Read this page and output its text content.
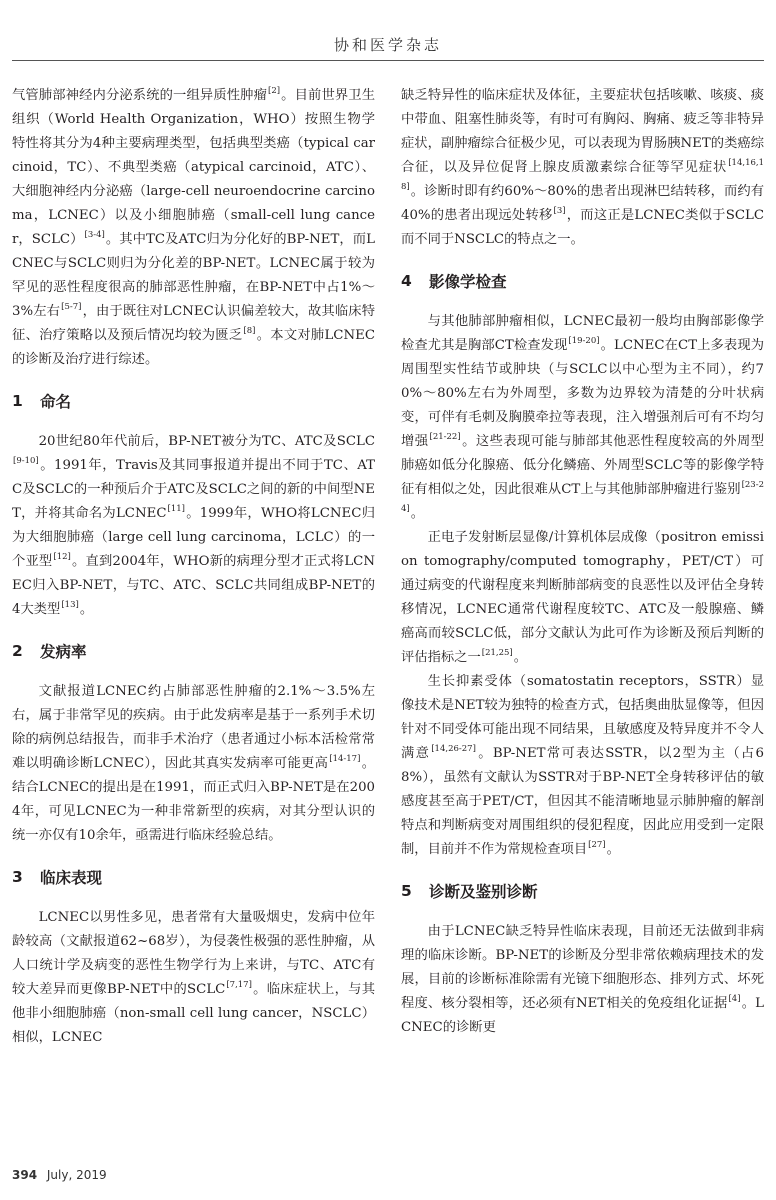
协和医学杂志

气管肺部神经内分泌系统的一组异质性肿瘤[2]。目前世界卫生组织（World Health Organization，WHO）按照生物学特性将其分为4种主要病理类型，包括典型类癌（typical carcinoid，TC）、不典型类癌（atypical carcinoid，ATC）、大细胞神经内分泌癌（large-cell neuroendocrine carcinoma，LCNEC）以及小细胞肺癌（small-cell lung cancer，SCLC）[3-4]。其中TC及ATC归为分化好的BP-NET，而LCNEC与SCLC则归为分化差的BP-NET。LCNEC属于较为罕见的恶性程度很高的肺部恶性肿瘤，在BP-NET中占1%～3%左右[5-7]，由于既往对LCNEC认识偏差较大，故其临床特征、治疗策略以及预后情况均较为匮乏[8]。本文对肺LCNEC的诊断及治疗进行综述。

1	命名

20世纪80年代前后，BP-NET被分为TC、ATC及SCLC[9-10]。1991年，Travis及其同事报道并提出不同于TC、ATC及SCLC的一种预后介于ATC及SCLC之间的新的中间型NET，并将其命名为LCNEC[11]。1999年，WHO将LCNEC归为大细胞肺癌（large cell lung carcinoma，LCLC）的一个亚型[12]。直到2004年，WHO新的病理分型才正式将LCNEC归入BP-NET，与TC、ATC、SCLC共同组成BP-NET的4大类型[13]。

2	发病率

文献报道LCNEC约占肺部恶性肿瘤的2.1%～3.5%左右，属于非常罕见的疾病。由于此发病率是基于一系列手术切除的病例总结报告，而非手术治疗（患者通过小标本活检常常难以明确诊断LCNEC），因此其真实发病率可能更高[14-17]。结合LCNEC的提出是在1991，而正式归入BP-NET是在2004年，可见LCNEC为一种非常新型的疾病，对其分型认识的统一亦仅有10余年，亟需进行临床经验总结。

3	临床表现

LCNEC以男性多见，患者常有大量吸烟史，发病中位年龄较高（文献报道62~68岁），为侵袭性极强的恶性肿瘤，从人口统计学及病变的恶性生物学行为上来讲，与TC、ATC有较大差异而更像BP-NET中的SCLC[7,17]。临床症状上，与其他非小细胞肺癌（non-small cell lung cancer，NSCLC）相似，LCNEC

缺乏特异性的临床症状及体征，主要症状包括咳嗽、咳痰、痰中带血、阻塞性肺炎等，有时可有胸闷、胸痛、疲乏等非特异症状，副肿瘤综合征极少见，可以表现为胃肠胰NET的类癌综合征，以及异位促肾上腺皮质激素综合征等罕见症状[14,16,18]。诊断时即有约60%～80%的患者出现淋巴结转移，而约有40%的患者出现远处转移[3]，而这正是LCNEC类似于SCLC而不同于NSCLC的特点之一。

4	影像学检查

与其他肺部肿瘤相似，LCNEC最初一般均由胸部影像学检查尤其是胸部CT检查发现[19-20]。LCNEC在CT上多表现为周围型实性结节或肿块（与SCLC以中心型为主不同），约70%～80%左右为外周型，多数为边界较为清楚的分叶状病变，可伴有毛刺及胸膜牵拉等表现，注入增强剂后可有不均匀增强[21-22]。这些表现可能与肺部其他恶性程度较高的外周型肺癌如低分化腺癌、低分化鳞癌、外周型SCLC等的影像学特征有相似之处，因此很难从CT上与其他肺部肿瘤进行鉴别[23-24]。

正电子发射断层显像/计算机体层成像（positron emission tomography/computed tomography，PET/CT）可通过病变的代谢程度来判断肺部病变的良恶性以及评估全身转移情况，LCNEC通常代谢程度较TC、ATC及一般腺癌、鳞癌高而较SCLC低，部分文献认为此可作为诊断及预后判断的评估指标之一[21,25]。

生长抑素受体（somatostatin receptors，SSTR）显像技术是NET较为独特的检查方式，包括奥曲肽显像等，但因针对不同受体可能出现不同结果，且敏感度及特异度并不令人满意[14,26-27]。BP-NET常可表达SSTR，以2型为主（占68%），虽然有文献认为SSTR对于BP-NET全身转移评估的敏感度甚至高于PET/CT，但因其不能清晰地显示肺肿瘤的解剖特点和判断病变对周围组织的侵犯程度，因此应用受到一定限制，目前并不作为常规检查项目[27]。

5	诊断及鉴别诊断

由于LCNEC缺乏特异性临床表现，目前还无法做到非病理的临床诊断。BP-NET的诊断及分型非常依赖病理技术的发展，目前的诊断标准除需有光镜下细胞形态、排列方式、坏死程度、核分裂相等，还必须有NET相关的免疫组化证据[4]。LCNEC的诊断更

394 July, 2019
